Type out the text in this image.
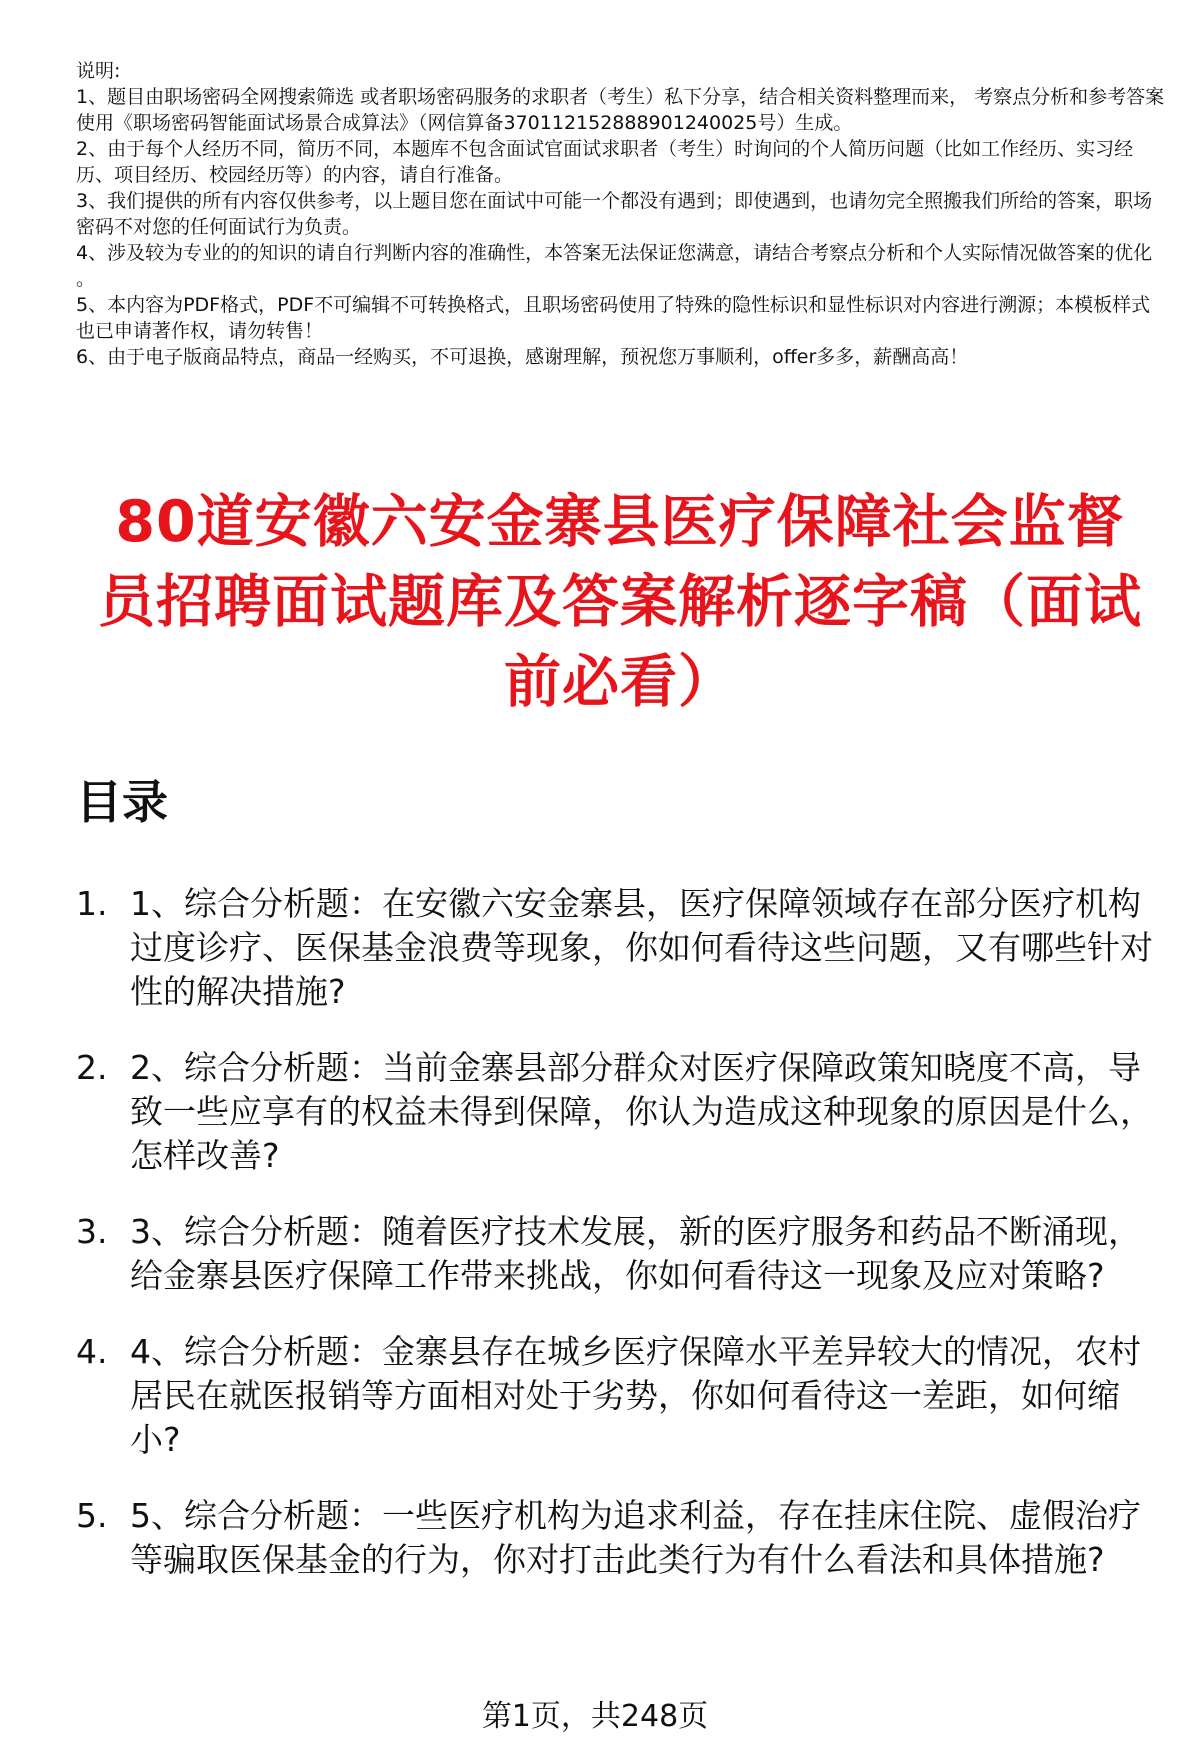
说明:
1、题目由职场密码全网搜索筛选 或者职场密码服务的求职者（考生）私下分享，结合相关资料整理而来， 考察点分析和参考答案使用《职场密码智能面试场景合成算法》（网信算备370112152888901240025号）生成。
2、由于每个人经历不同，简历不同，本题库不包含面试官面试求职者（考生）时询问的个人简历问题（比如工作经历、实习经历、项目经历、校园经历等）的内容，请自行准备。
3、我们提供的所有内容仅供参考，以上题目您在面试中可能一个都没有遇到；即使遇到，也请勿完全照搬我们所给的答案，职场密码不对您的任何面试行为负责。
4、涉及较为专业的的知识的请自行判断内容的准确性，本答案无法保证您满意，请结合考察点分析和个人实际情况做答案的优化 。
5、本内容为PDF格式，PDF不可编辑不可转换格式，且职场密码使用了特殊的隐性标识和显性标识对内容进行溯源；本模板样式也已申请著作权，请勿转售！
6、由于电子版商品特点，商品一经购买，不可退换，感谢理解，预祝您万事顺利，offer多多，薪酬高高！
80道安徽六安金寨县医疗保障社会监督员招聘面试题库及答案解析逐字稿（面试前必看）
目录
1. 1、综合分析题：在安徽六安金寨县，医疗保障领域存在部分医疗机构过度诊疗、医保基金浪费等现象，你如何看待这些问题，又有哪些针对性的解决措施?
2. 2、综合分析题：当前金寨县部分群众对医疗保障政策知晓度不高，导致一些应享有的权益未得到保障，你认为造成这种现象的原因是什么，怎样改善?
3. 3、综合分析题：随着医疗技术发展，新的医疗服务和药品不断涌现，给金寨县医疗保障工作带来挑战，你如何看待这一现象及应对策略?
4. 4、综合分析题：金寨县存在城乡医疗保障水平差异较大的情况，农村居民在就医报销等方面相对处于劣势，你如何看待这一差距，如何缩小?
5. 5、综合分析题：一些医疗机构为追求利益，存在挂床住院、虚假治疗等骗取医保基金的行为，你对打击此类行为有什么看法和具体措施?
第1页，共248页
